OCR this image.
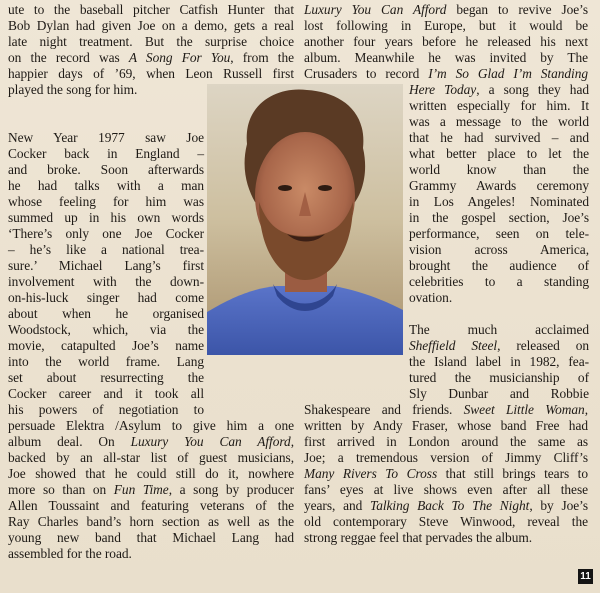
ute to the baseball pitcher Catfish Hunter that
Bob Dylan had given Joe on a demo, gets a real
late night treatment. But the surprise choice
on the record was A Song For You, from the
happier days of ’69, when Leon Russell first
played the song for him.
New Year 1977 saw Joe
Cocker back in England –
and broke. Soon afterwards
he had talks with a man
whose feeling for him was
summed up in his own words
‘There’s only one Joe Cocker
– he’s like a national trea-
sure.’ Michael Lang’s first
involvement with the down-
on-his-luck singer had come
about when he organised
Woodstock, which, via the
movie, catapulted Joe’s name
into the world frame. Lang
set about resurrecting the
Cocker career and it took all
his powers of negotiation to
persuade Elektra /Asylum to give him a one
album deal. On Luxury You Can Afford,
backed by an all-star list of guest musicians,
Joe showed that he could still do it, nowhere
more so than on Fun Time, a song by producer
Allen Toussaint and featuring veterans of the
Ray Charles band’s horn section as well as the
young new band that Michael Lang had
assembled for the road.
Luxury You Can Afford began to revive Joe’s
lost following in Europe, but it would be
another four years before he released his next
album. Meanwhile he was invited by The
Crusaders to record I’m So Glad I’m Standing
Here Today, a song they had
written especially for him. It
was a message to the world
that he had survived – and
what better place to let the
world know than the
Grammy Awards ceremony
in Los Angeles! Nominated
in the gospel section, Joe’s
performance, seen on tele-
vision across America,
brought the audience of
celebrities to a standing
ovation.
The much acclaimed
Sheffield Steel, released on
the Island label in 1982, fea-
tured the musicianship of
Sly Dunbar and Robbie
Shakespeare and friends. Sweet Little Woman,
written by Andy Fraser, whose band Free had
first arrived in London around the same as
Joe; a tremendous version of Jimmy Cliff’s
Many Rivers To Cross that still brings tears to
fans’ eyes at live shows even after all these
years, and Talking Back To The Night, by Joe’s
old contemporary Steve Winwood, reveal the
strong reggae feel that pervades the album.
11
